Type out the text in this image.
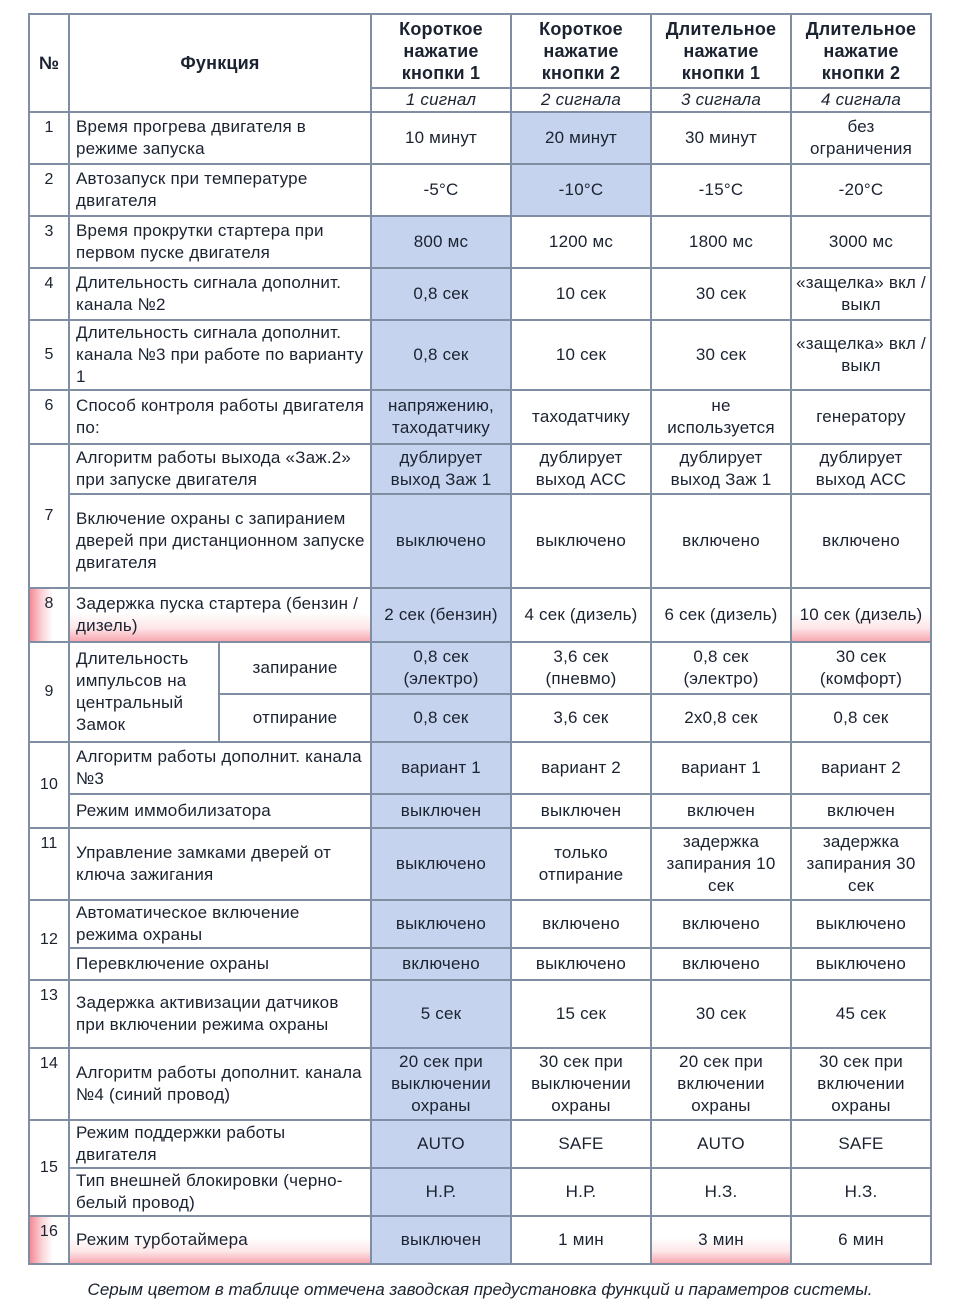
№	Функция		Короткое нажатие кнопки 1	Короткое нажатие кнопки 2	Длительное нажатие кнопки 1	Длительное нажатие кнопки 2
			1 сигнал	2 сигнала	3 сигнала	4 сигнала
1	Время прогрева двигателя в режиме запуска		10 минут	20 минут	30 минут	без ограничения
2	Автозапуск при температуре двигателя		-5°С	-10°С	-15°С	-20°С
3	Время прокрутки стартера при первом пуске двигателя		800 мс	1200 мс	1800 мс	3000 мс
4	Длительность сигнала дополнит. канала №2		0,8 сек	10 сек	30 сек	«защелка» вкл / выкл
5	Длительность сигнала дополнит. канала №3 при работе по варианту 1		0,8 сек	10 сек	30 сек	«защелка» вкл / выкл
6	Способ контроля работы двигателя по:		напряжению, таходатчику	таходатчику	не используется	генератору
7	Алгоритм работы выхода «Заж.2» при запуске двигателя		дублирует выход Заж 1	дублирует выход АСС	дублирует выход Заж 1	дублирует выход АСС
	Включение охраны с запиранием дверей при дистанционном запуске двигателя		выключено	выключено	включено	включено
8	Задержка пуска стартера (бензин / дизель)		2 сек (бензин)	4 сек (дизель)	6 сек (дизель)	10 сек (дизель)
9	Длительность импульсов на центральный Замок	запирание	0,8 сек (электро)	3,6 сек (пневмо)	0,8 сек (электро)	30 сек (комфорт)
		отпирание	0,8 сек	3,6 сек	2х0,8 сек	0,8 сек
10	Алгоритм работы дополнит. канала №3		вариант 1	вариант 2	вариант 1	вариант 2
	Режим иммобилизатора		выключен	выключен	включен	включен
11	Управление замками дверей от ключа зажигания		выключено	только отпирание	задержка запирания 10 сек	задержка запирания 30 сек
12	Автоматическое включение режима охраны		выключено	включено	включено	выключено
	Перевключение охраны		включено	выключено	включено	выключено
13	Задержка активизации датчиков при включении режима охраны		5 сек	15 сек	30 сек	45 сек
14	Алгоритм работы дополнит. канала №4 (синий провод)		20 сек при выключении охраны	30 сек при выключении охраны	20 сек при включении охраны	30 сек при включении охраны
15	Режим поддержки работы двигателя		AUTO	SAFE	AUTO	SAFE
	Тип внешней блокировки (черно-белый провод)		Н.Р.	Н.Р.	Н.З.	Н.З.
16	Режим турботаймера		выключен	1 мин	3 мин	6 мин
Серым цветом в таблице отмечена заводская предустановка функций и параметров системы.
